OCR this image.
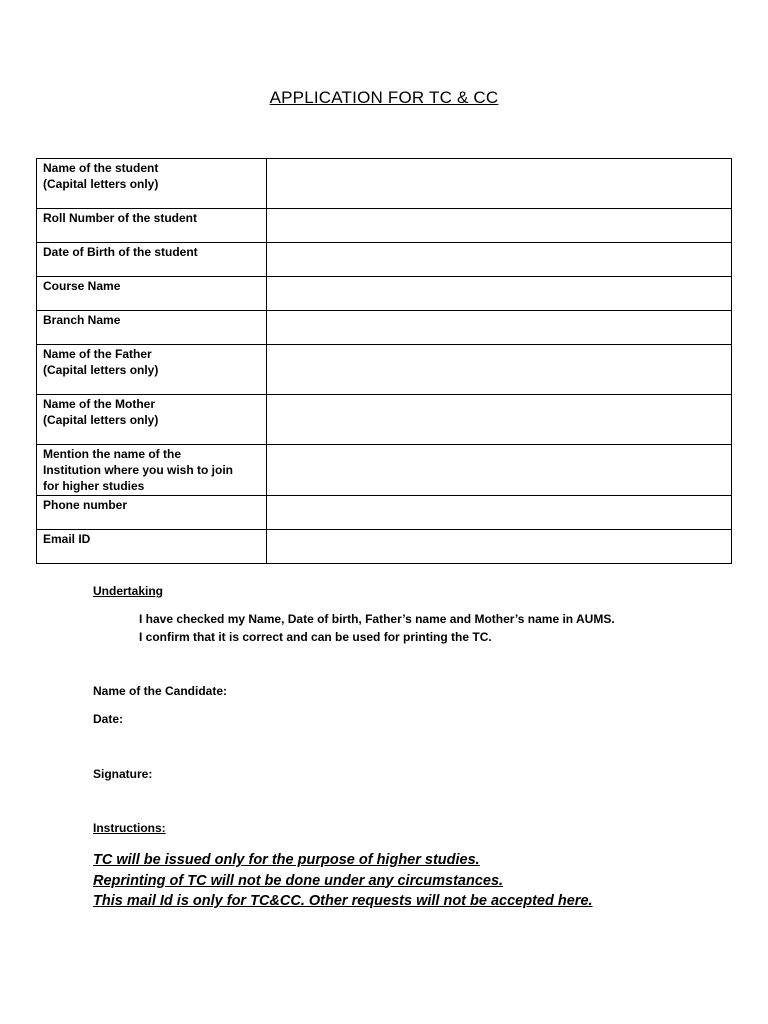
APPLICATION FOR TC & CC
Name of the student
(Capital letters only)	
Roll Number of the student	
Date of Birth of the student	
Course Name	
Branch Name	
Name of the Father
(Capital letters only)	
Name of the Mother
(Capital letters only)	
Mention the name of the
Institution where you wish to join
for higher studies	
Phone number	
Email ID	
Undertaking
I have checked my Name, Date of birth, Father’s name and Mother’s name in AUMS.
I confirm that it is correct and can be used for printing the TC.
Name of the Candidate:
Date:
Signature:
Instructions:
TC will be issued only for the purpose of higher studies.
Reprinting of TC will not be done under any circumstances.
This mail Id is only for TC&CC. Other requests will not be accepted here.
